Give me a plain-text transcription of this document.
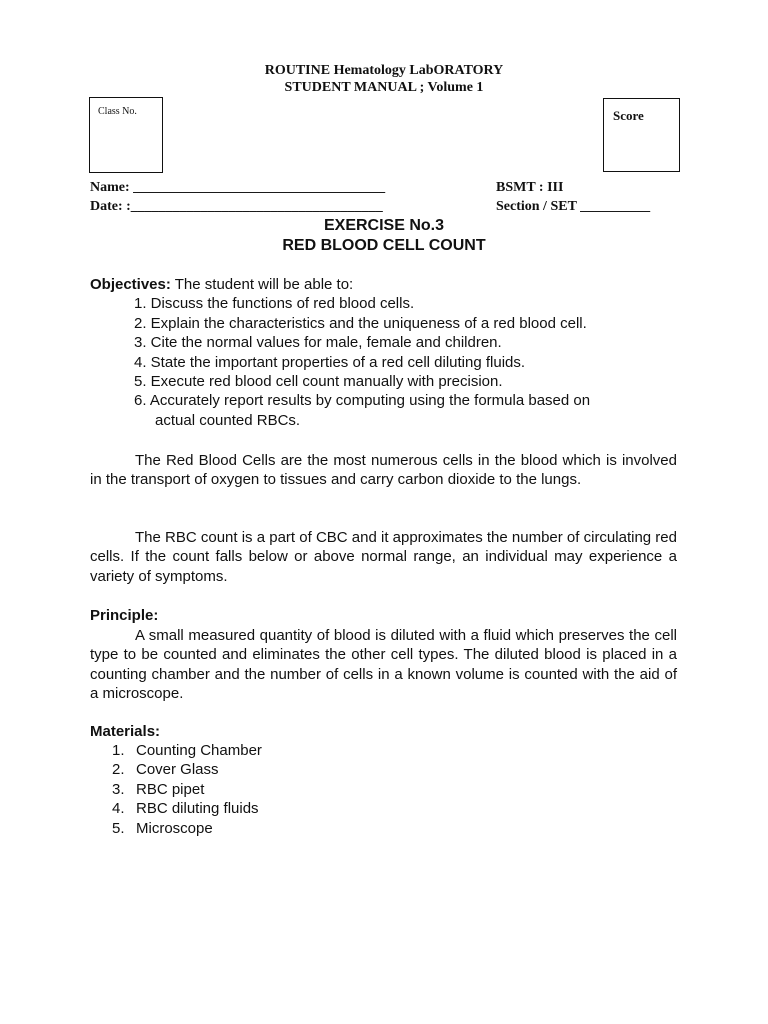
ROUTINE Hematology LabORATORY
STUDENT MANUAL ; Volume 1
Class No.	Score
Name: ____________________________________
Date: :____________________________________
BSMT : III
Section / SET __________
EXERCISE No.3
RED BLOOD CELL COUNT
Objectives: The student will be able to:
1. Discuss the functions of red blood cells.
2. Explain the characteristics and the uniqueness of a red blood cell.
3. Cite the normal values for male, female and children.
4. State the important properties of a red cell diluting fluids.
5. Execute red blood cell count manually with precision.
6. Accurately report results by computing using the formula based on
actual counted RBCs.
The Red Blood Cells are the most numerous cells in the blood which is involved in the transport of oxygen to tissues and carry carbon dioxide to the lungs.
The RBC count is a part of CBC and it approximates the number of circulating red cells. If the count falls below or above normal range, an individual may experience a variety of symptoms.
Principle:
A small measured quantity of blood is diluted with a fluid which preserves the cell type to be counted and eliminates the other cell types. The diluted blood is placed in a counting chamber and the number of cells in a known volume is counted with the aid of a microscope.
Materials:
1. Counting Chamber
2. Cover Glass
3. RBC pipet
4. RBC diluting fluids
5. Microscope
